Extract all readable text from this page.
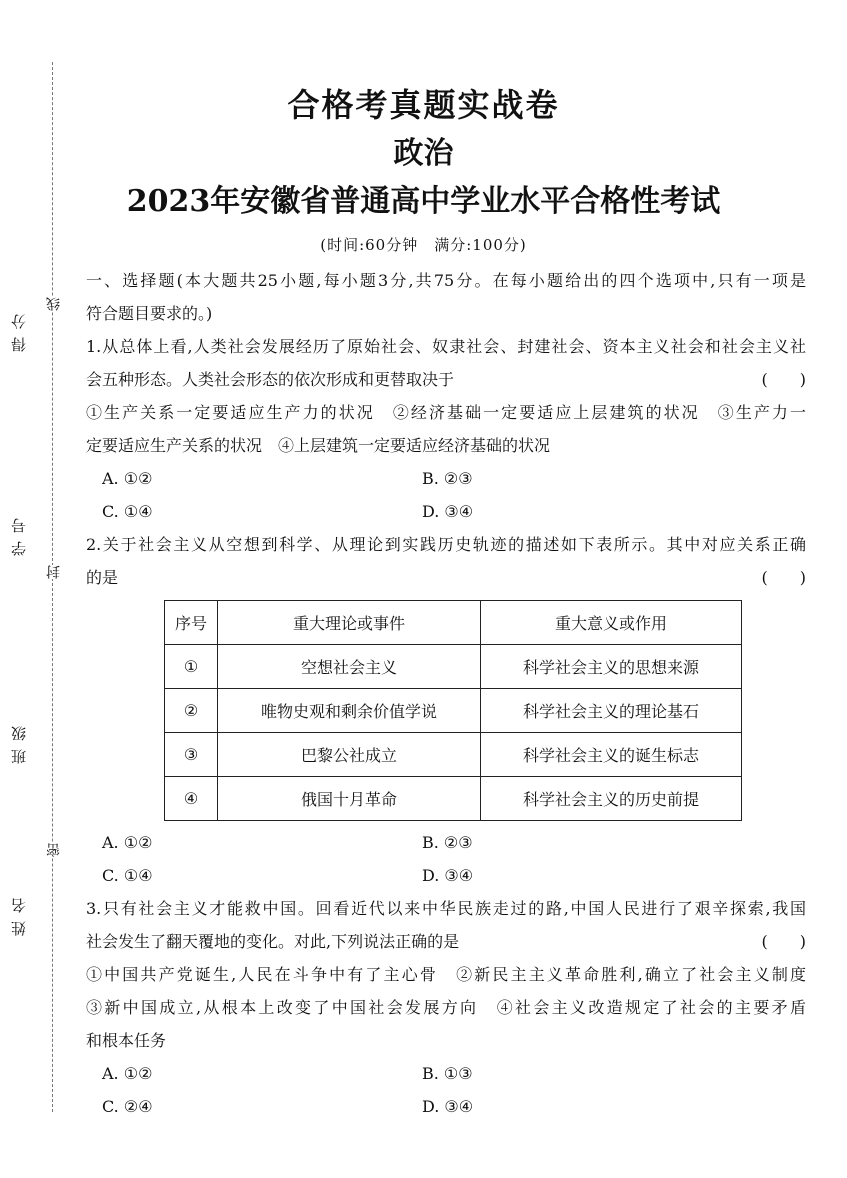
得分
学号
班级
姓名
线
封
密
合格考真题实战卷
政治
2023年安徽省普通高中学业水平合格性考试
(时间:60分钟　满分:100分)
一、选择题(本大题共25小题,每小题3分,共75分。在每小题给出的四个选项中,只有一项是
符合题目要求的。)
1.从总体上看,人类社会发展经历了原始社会、奴隶社会、封建社会、资本主义社会和社会主义社
会五种形态。人类社会形态的依次形成和更替取决于	(　　)
①生产关系一定要适应生产力的状况　②经济基础一定要适应上层建筑的状况　③生产力一
定要适应生产关系的状况　④上层建筑一定要适应经济基础的状况
A. ①②	B. ②③
C. ①④	D. ③④
2.关于社会主义从空想到科学、从理论到实践历史轨迹的描述如下表所示。其中对应关系正确
的是	(　　)
序号	重大理论或事件	重大意义或作用
①	空想社会主义	科学社会主义的思想来源
②	唯物史观和剩余价值学说	科学社会主义的理论基石
③	巴黎公社成立	科学社会主义的诞生标志
④	俄国十月革命	科学社会主义的历史前提
A. ①②	B. ②③
C. ①④	D. ③④
3.只有社会主义才能救中国。回看近代以来中华民族走过的路,中国人民进行了艰辛探索,我国
社会发生了翻天覆地的变化。对此,下列说法正确的是	(　　)
①中国共产党诞生,人民在斗争中有了主心骨　②新民主主义革命胜利,确立了社会主义制度
③新中国成立,从根本上改变了中国社会发展方向　④社会主义改造规定了社会的主要矛盾
和根本任务
A. ①②	B. ①③
C. ②④	D. ③④
